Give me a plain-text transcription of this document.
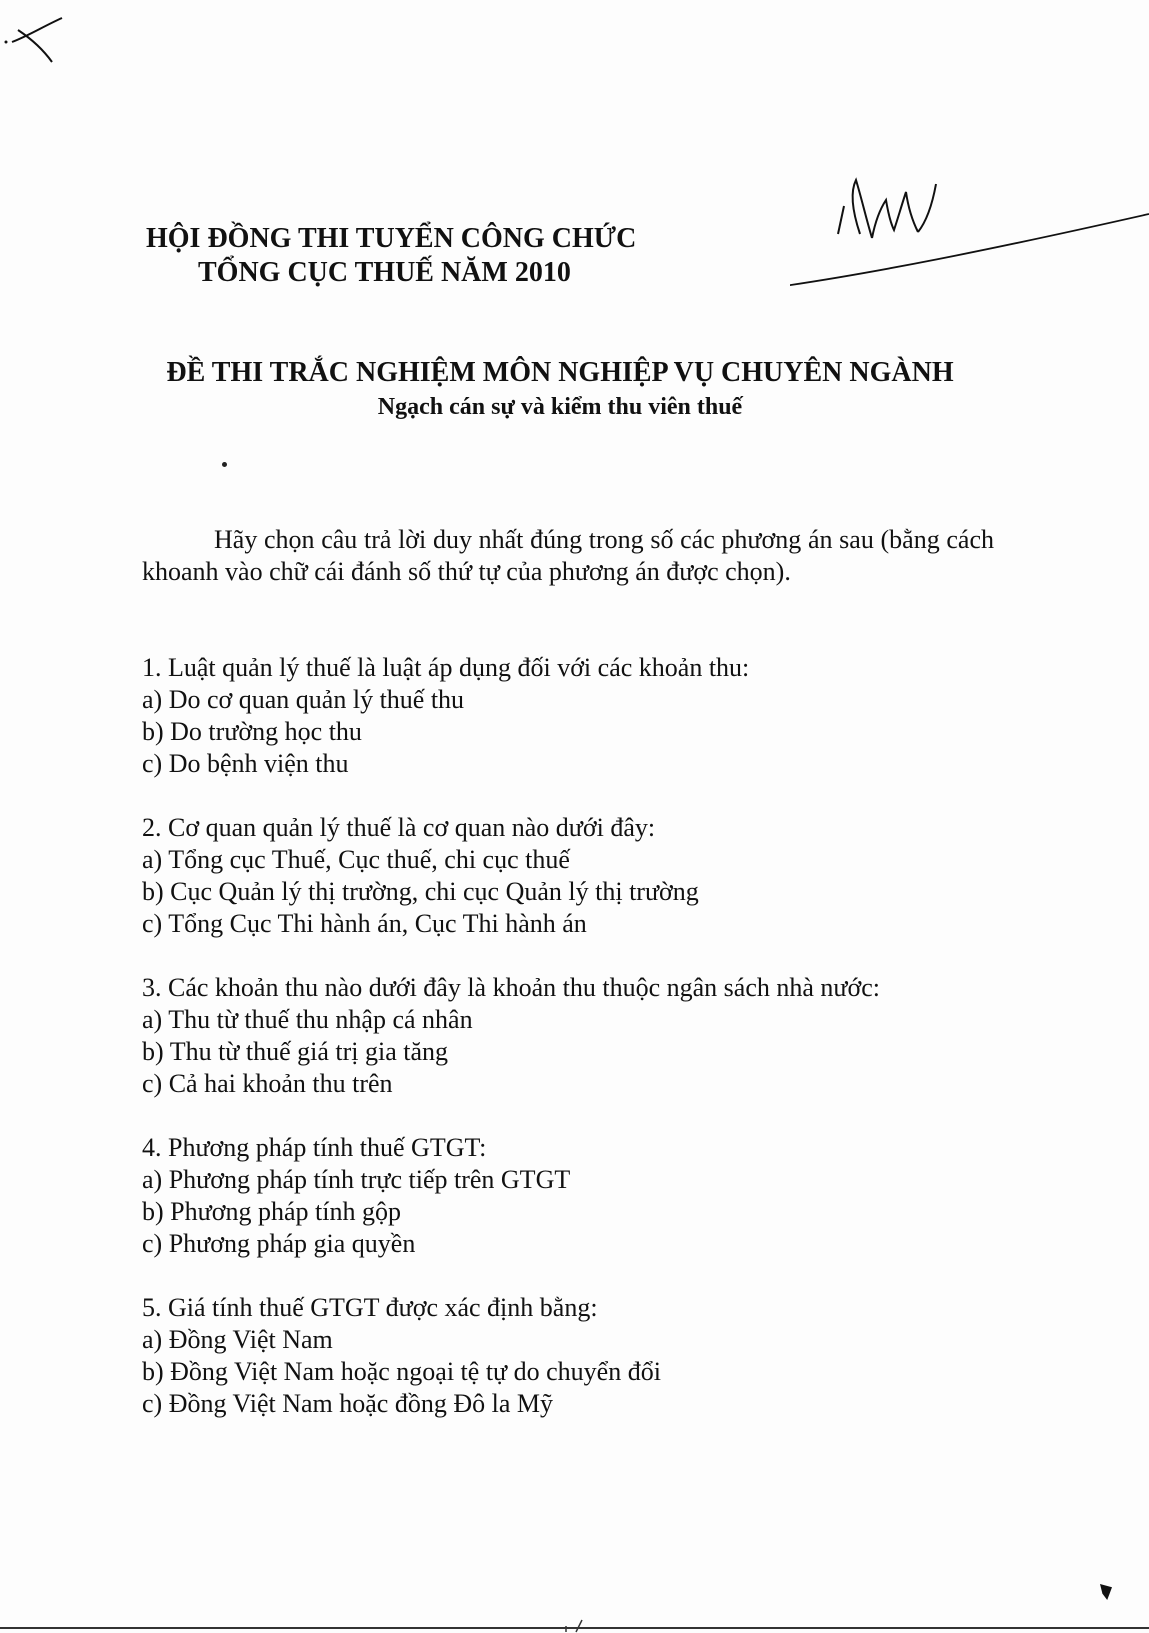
HỘI ĐỒNG THI TUYỂN CÔNG CHỨC
TỔNG CỤC THUẾ NĂM 2010
ĐỀ THI TRẮC NGHIỆM MÔN NGHIỆP VỤ CHUYÊN NGÀNH
Ngạch cán sự và kiểm thu viên thuế
Hãy chọn câu trả lời duy nhất đúng trong số các phương án sau (bằng cách khoanh vào chữ cái đánh số thứ tự của phương án được chọn).
1. Luật quản lý thuế là luật áp dụng đối với các khoản thu:
a) Do cơ quan quản lý thuế thu
b) Do trường học thu
c) Do bệnh viện thu
2. Cơ quan quản lý thuế là cơ quan nào dưới đây:
a) Tổng cục Thuế, Cục thuế, chi cục thuế
b) Cục Quản lý thị trường, chi cục Quản lý thị trường
c) Tổng Cục Thi hành án, Cục Thi hành án
3. Các khoản thu nào dưới đây là khoản thu thuộc ngân sách nhà nước:
a) Thu từ thuế thu nhập cá nhân
b) Thu từ thuế giá trị gia tăng
c) Cả hai khoản thu trên
4. Phương pháp tính thuế GTGT:
a) Phương pháp tính trực tiếp trên GTGT
b) Phương pháp tính gộp
c) Phương pháp gia quyền
5. Giá tính thuế GTGT được xác định bằng:
a) Đồng Việt Nam
b) Đồng Việt Nam hoặc ngoại tệ tự do chuyển đổi
c) Đồng Việt Nam hoặc đồng Đô la Mỹ
